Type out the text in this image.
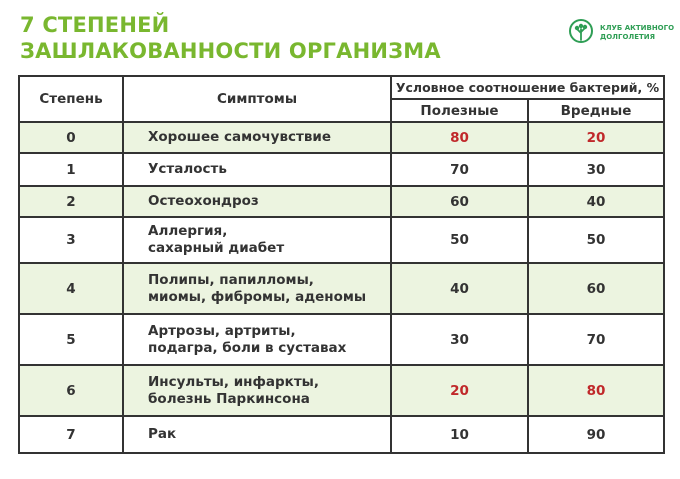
7 СТЕПЕНЕЙ
ЗАШЛАКОВАННОСТИ ОРГАНИЗМА
КЛУБ АКТИВНОГО
ДОЛГОЛЕТИЯ
Степень	Симптомы	Условное соотношение бактерий, %	
		Полезные	Вредные
0	Хорошее самочувствие	80	20
1	Усталость	70	30
2	Остеохондроз	60	40
3	Аллергия,
сахарный диабет	50	50
4	Полипы, папилломы,
миомы, фибромы, аденомы	40	60
5	Артрозы, артриты,
подагра, боли в суставах	30	70
6	Инсульты, инфаркты,
болезнь Паркинсона	20	80
7	Рак	10	90
